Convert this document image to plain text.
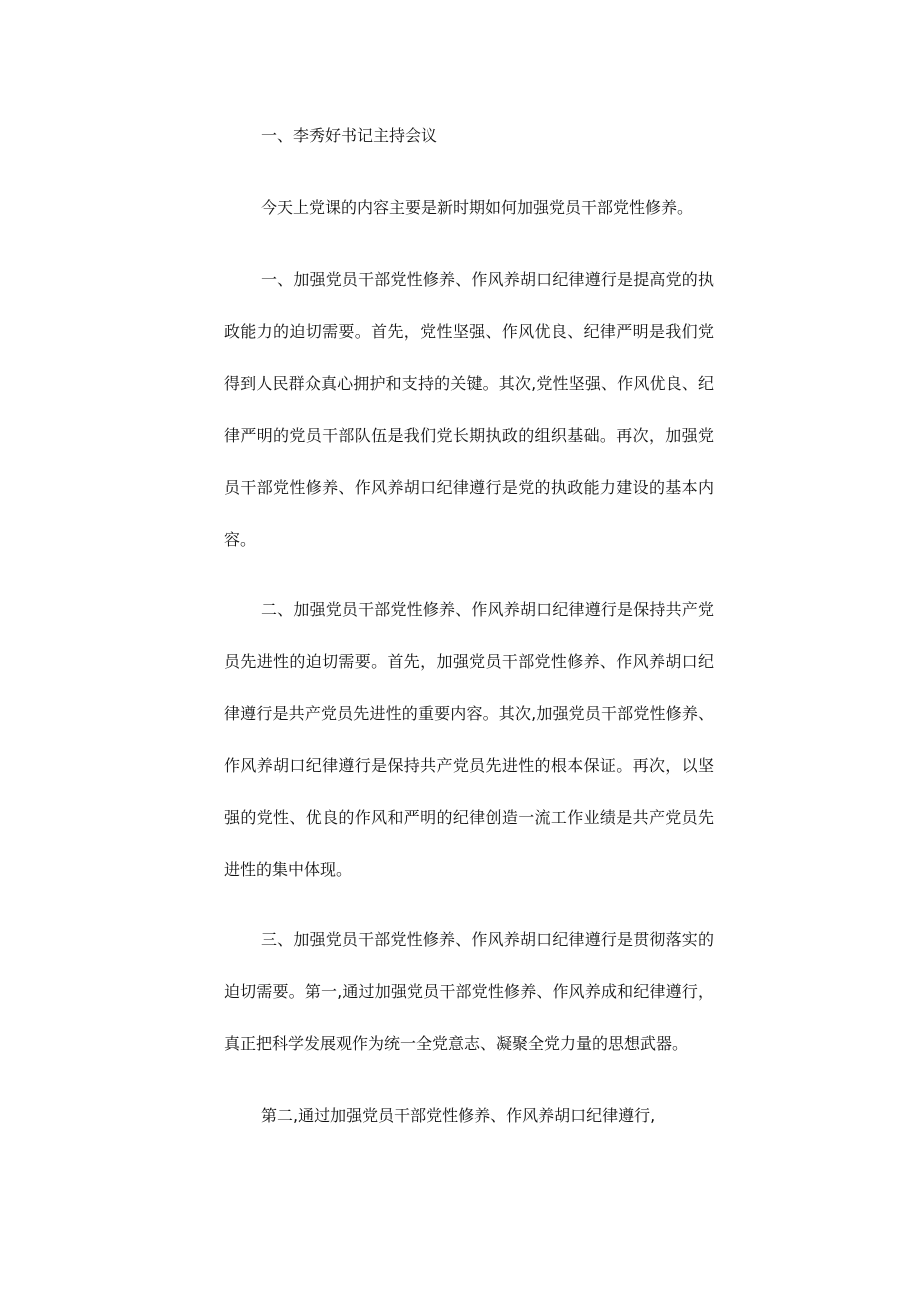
一、李秀好书记主持会议

今天上党课的内容主要是新时期如何加强党员干部党性修养。

一、加强党员干部党性修养、作风养胡口纪律遵行是提高党的执政能力的迫切需要。首先，党性坚强、作风优良、纪律严明是我们党得到人民群众真心拥护和支持的关键。其次,党性坚强、作风优良、纪律严明的党员干部队伍是我们党长期执政的组织基础。再次，加强党员干部党性修养、作风养胡口纪律遵行是党的执政能力建设的基本内容。

二、加强党员干部党性修养、作风养胡口纪律遵行是保持共产党员先进性的迫切需要。首先，加强党员干部党性修养、作风养胡口纪律遵行是共产党员先进性的重要内容。其次,加强党员干部党性修养、作风养胡口纪律遵行是保持共产党员先进性的根本保证。再次，以坚强的党性、优良的作风和严明的纪律创造一流工作业绩是共产党员先进性的集中体现。

三、加强党员干部党性修养、作风养胡口纪律遵行是贯彻落实的迫切需要。第一,通过加强党员干部党性修养、作风养成和纪律遵行，真正把科学发展观作为统一全党意志、凝聚全党力量的思想武器。

第二,通过加强党员干部党性修养、作风养胡口纪律遵行,
